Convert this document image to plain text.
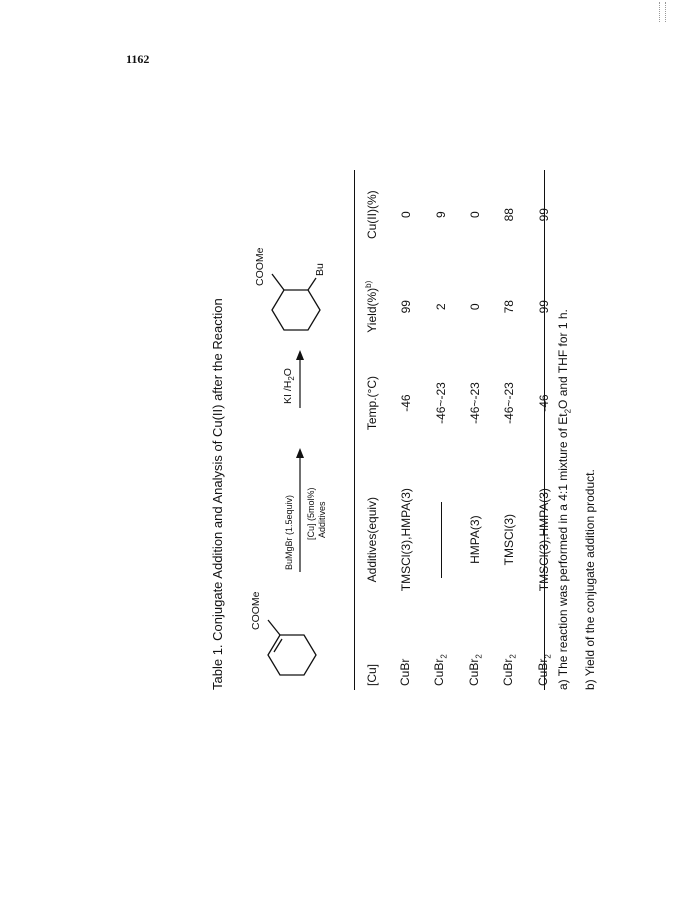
1162
Table 1. Conjugate Addition and Analysis of Cu(II) after the Reaction COOMe
BuMgBr (1.5equiv) [Cu] (5mol%) Additives
KI $/H_2O$
COOMe	Bu
[Cu]	Additives(equiv)	Temp.(°C)	Yield(%)$^{b)}$	Cu(II)(%)
CuBr	TMSCl(3),HMPA(3)	-46	99	0
CuBr$_2$		-46~-23	2	9
CuBr$_2$	HMPA(3)	-46~-23	0	0
CuBr$_2$	TMSCl(3)	-46~-23	78	88
CuBr$_2$	TMSCl(3),HMPA(3)	-46	99	99
a) The reaction was performed in a 4:1 mixture of $Et_2O$ and THF for 1 h.
b) Yield of the conjugate addition product.
